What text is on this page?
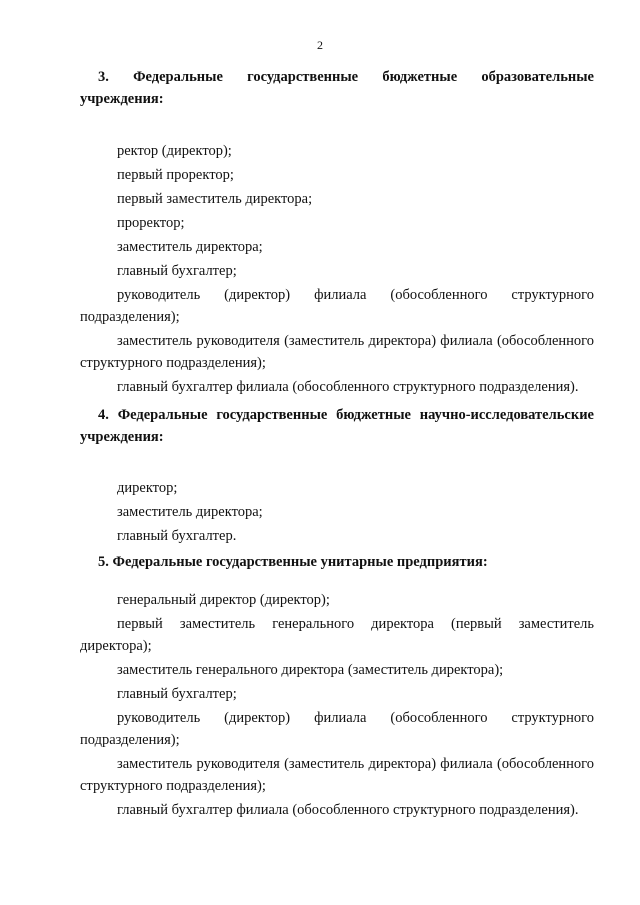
2

3. Федеральные государственные бюджетные образовательные учреждения:

ректор (директор);
первый проректор;
первый заместитель директора;
проректор;
заместитель директора;
главный бухгалтер;
руководитель (директор) филиала (обособленного структурного подразделения);
заместитель руководителя (заместитель директора) филиала (обособленного структурного подразделения);
главный бухгалтер филиала (обособленного структурного подразделения).

4. Федеральные государственные бюджетные научно-исследовательские учреждения:

директор;
заместитель директора;
главный бухгалтер.

5. Федеральные государственные унитарные предприятия:

генеральный директор (директор);
первый заместитель генерального директора (первый заместитель директора);
заместитель генерального директора (заместитель директора);
главный бухгалтер;
руководитель (директор) филиала (обособленного структурного подразделения);
заместитель руководителя (заместитель директора) филиала (обособленного структурного подразделения);
главный бухгалтер филиала (обособленного структурного подразделения).
